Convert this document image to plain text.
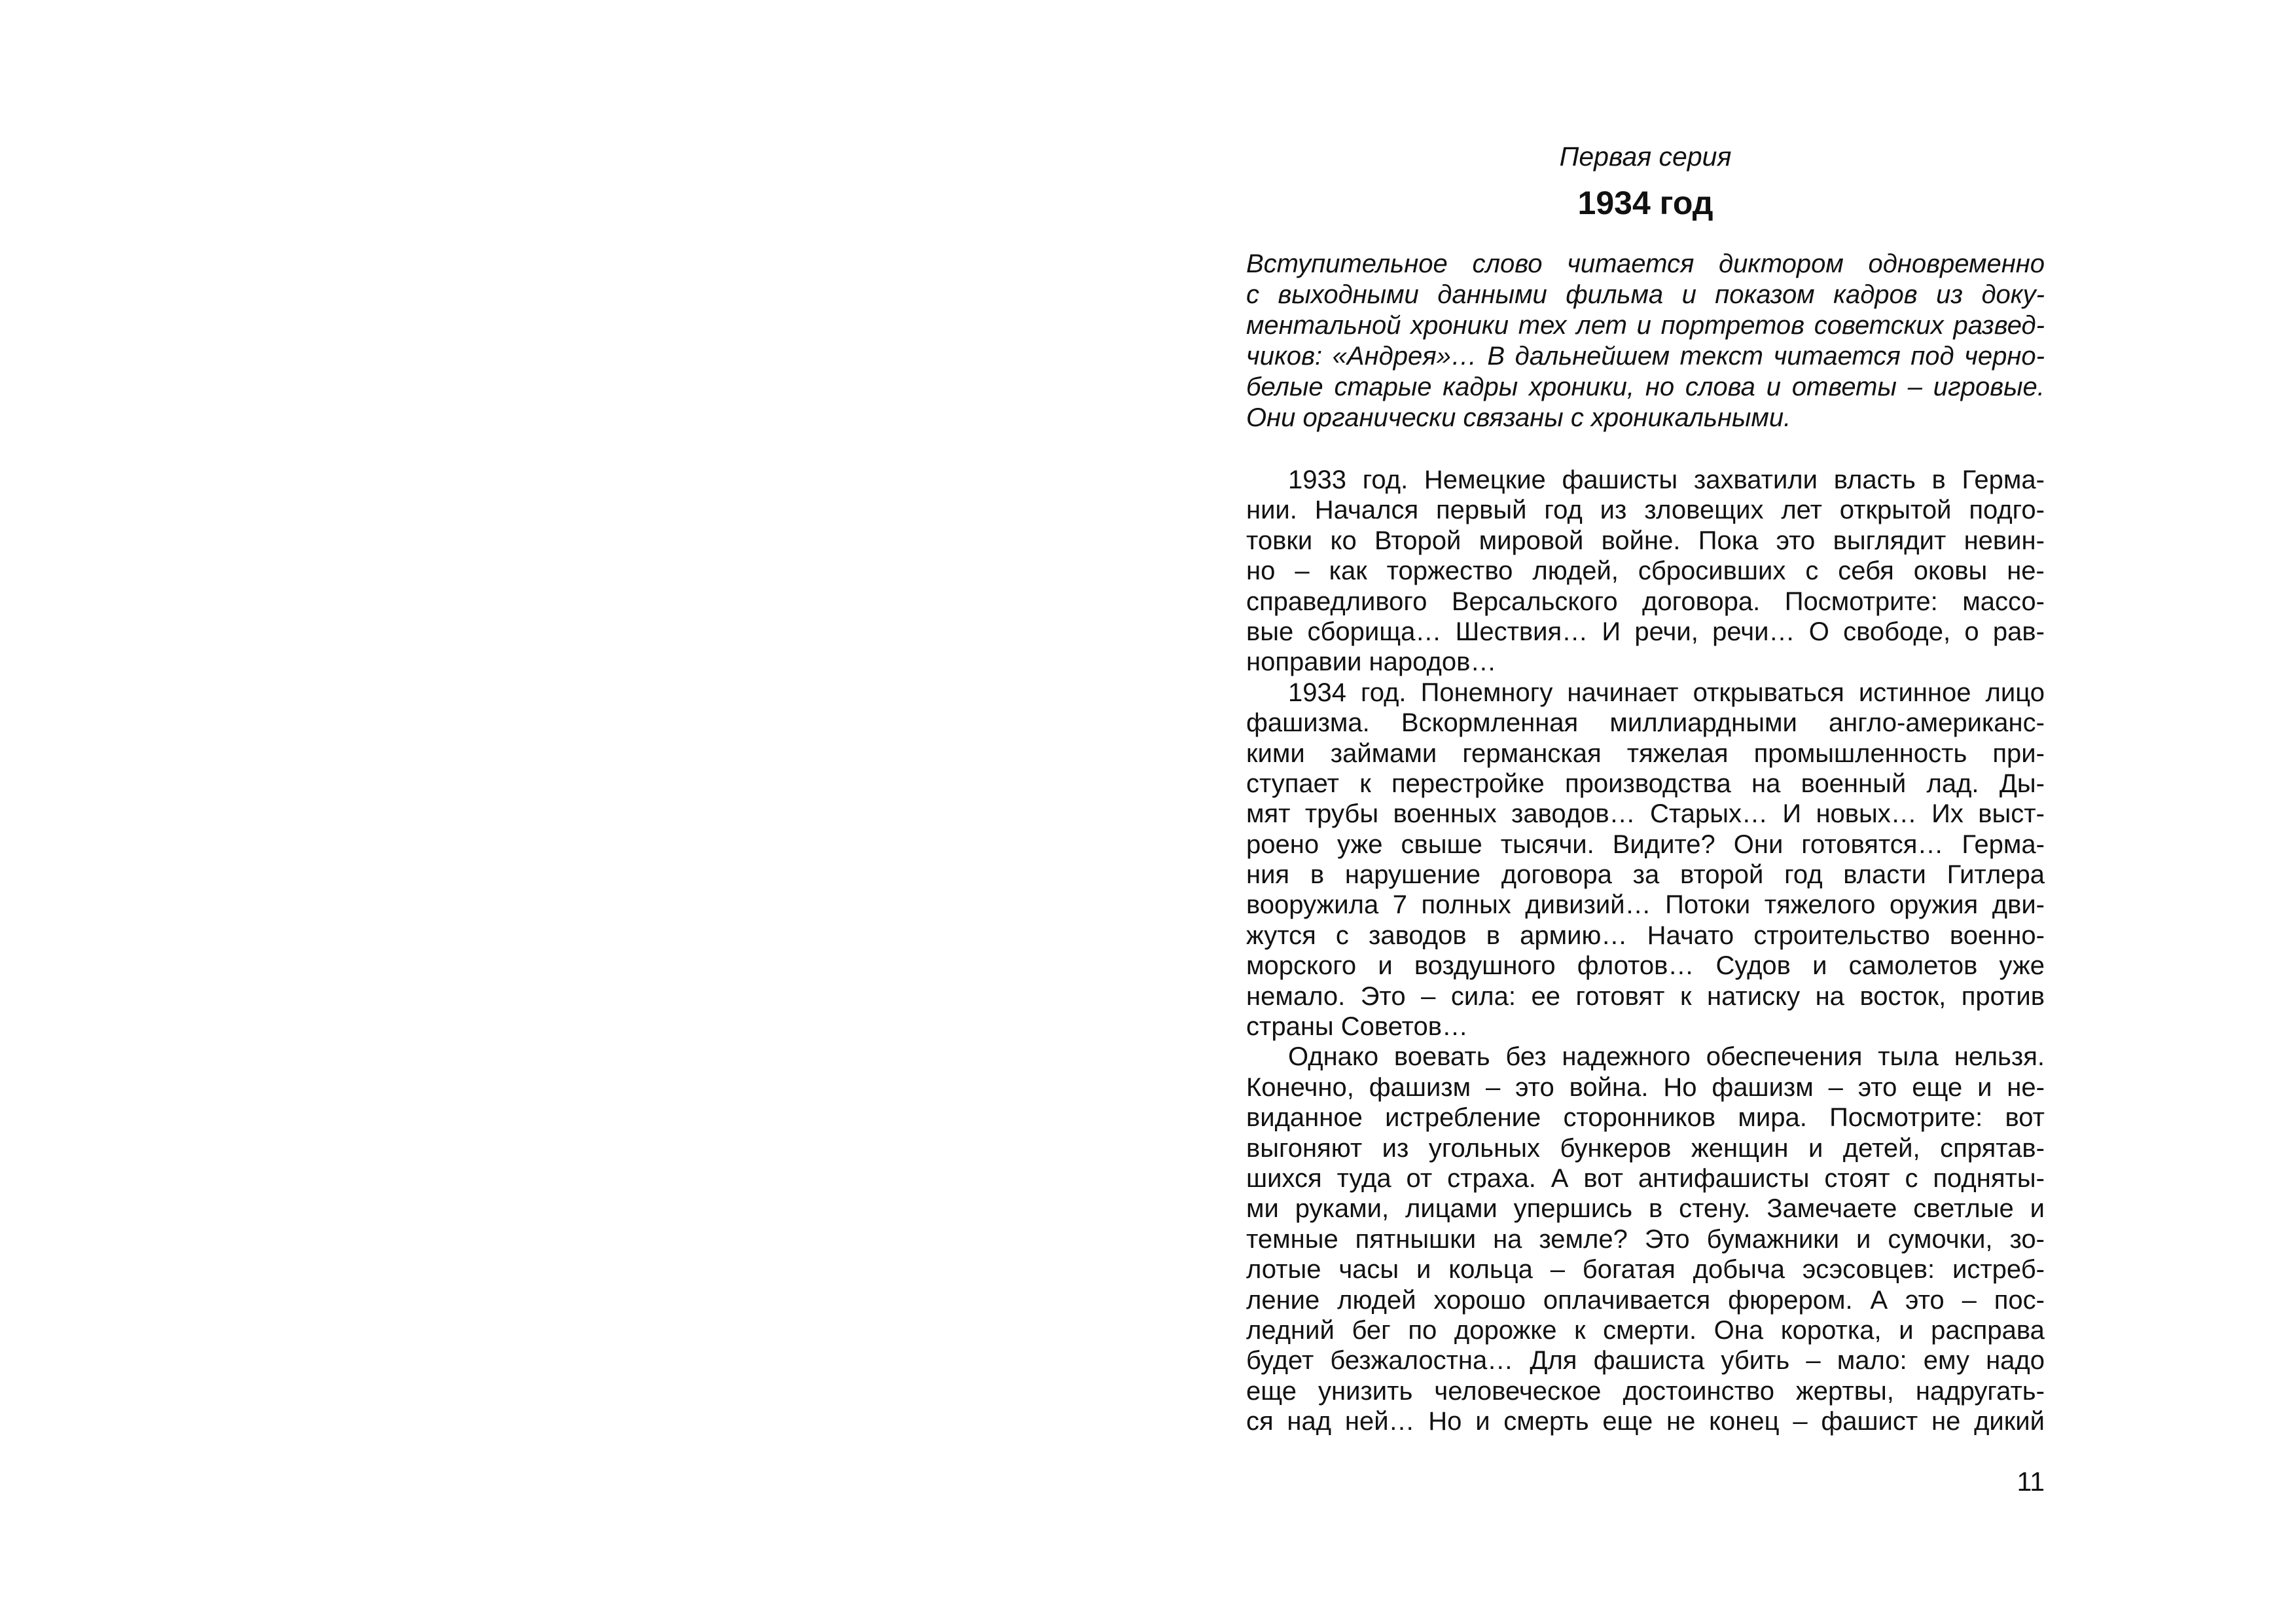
Первая серия
1934 год
Вступительное слово читается диктором одновременно
с выходными данными фильма и показом кадров из доку-
ментальной хроники тех лет и портретов советских развед-
чиков: «Андрея»… В дальнейшем текст читается под черно-
белые старые кадры хроники, но слова и ответы – игровые.
Они органически связаны с хроникальными.
1933 год. Немецкие фашисты захватили власть в Герма-
нии. Начался первый год из зловещих лет открытой подго-
товки ко Второй мировой войне. Пока это выглядит невин-
но – как торжество людей, сбросивших с себя оковы не-
справедливого Версальского договора. Посмотрите: массо-
вые сборища… Шествия… И речи, речи… О свободе, о рав-
ноправии народов…
1934 год. Понемногу начинает открываться истинное лицо
фашизма. Вскормленная миллиардными англо-американс-
кими займами германская тяжелая промышленность при-
ступает к перестройке производства на военный лад. Ды-
мят трубы военных заводов… Старых… И новых… Их выст-
роено уже свыше тысячи. Видите? Они готовятся… Герма-
ния в нарушение договора за второй год власти Гитлера
вооружила 7 полных дивизий… Потоки тяжелого оружия дви-
жутся с заводов в армию… Начато строительство военно-
морского и воздушного флотов… Судов и самолетов уже
немало. Это – сила: ее готовят к натиску на восток, против
страны Советов…
Однако воевать без надежного обеспечения тыла нельзя.
Конечно, фашизм – это война. Но фашизм – это еще и не-
виданное истребление сторонников мира. Посмотрите: вот
выгоняют из угольных бункеров женщин и детей, спрятав-
шихся туда от страха. А вот антифашисты стоят с подняты-
ми руками, лицами упершись в стену. Замечаете светлые и
темные пятнышки на земле? Это бумажники и сумочки, зо-
лотые часы и кольца – богатая добыча эсэсовцев: истреб-
ление людей хорошо оплачивается фюрером. А это – пос-
ледний бег по дорожке к смерти. Она коротка, и расправа
будет безжалостна… Для фашиста убить – мало: ему надо
еще унизить человеческое достоинство жертвы, надругать-
ся над ней… Но и смерть еще не конец – фашист не дикий
11
